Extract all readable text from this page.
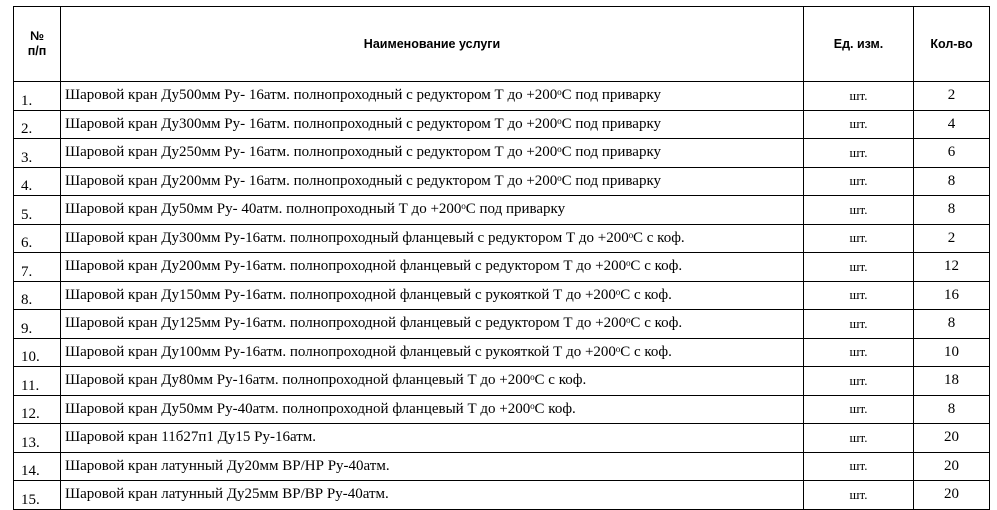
№
п/п	Наименование услуги	Ед. изм.	Кол-во
1.	Шаровой кран Ду500мм Ру- 16атм. полнопроходный с редуктором Т до +200ᵒС под приварку	шт.	2
2.	Шаровой кран Ду300мм Ру- 16атм. полнопроходный с редуктором Т до +200ᵒС под приварку	шт.	4
3.	Шаровой кран Ду250мм Ру- 16атм. полнопроходный с редуктором Т до +200ᵒС под приварку	шт.	6
4.	Шаровой кран Ду200мм Ру- 16атм. полнопроходный с редуктором Т до +200ᵒС под приварку	шт.	8
5.	Шаровой кран Ду50мм Ру- 40атм. полнопроходный Т до +200ᵒС под приварку	шт.	8
6.	Шаровой кран Ду300мм Ру-16атм. полнопроходный фланцевый с редуктором Т до +200ᵒС с коф.	шт.	2
7.	Шаровой кран Ду200мм Ру-16атм. полнопроходной фланцевый с редуктором Т до +200ᵒС с коф.	шт.	12
8.	Шаровой кран Ду150мм Ру-16атм. полнопроходной фланцевый с рукояткой Т до +200ᵒС с коф.	шт.	16
9.	Шаровой кран Ду125мм Ру-16атм. полнопроходной фланцевый с редуктором Т до +200ᵒС с коф.	шт.	8
10.	Шаровой кран Ду100мм Ру-16атм. полнопроходной фланцевый с рукояткой Т до +200ᵒС с коф.	шт.	10
11.	Шаровой кран Ду80мм Ру-16атм. полнопроходной фланцевый Т до +200ᵒС с коф.	шт.	18
12.	Шаровой кран Ду50мм Ру-40атм. полнопроходной фланцевый Т до +200ᵒС коф.	шт.	8
13.	Шаровой кран 11б27п1 Ду15 Ру-16атм.	шт.	20
14.	Шаровой кран латунный Ду20мм ВР/НР Ру-40атм.	шт.	20
15.	Шаровой кран латунный Ду25мм ВР/ВР Ру-40атм.	шт.	20
